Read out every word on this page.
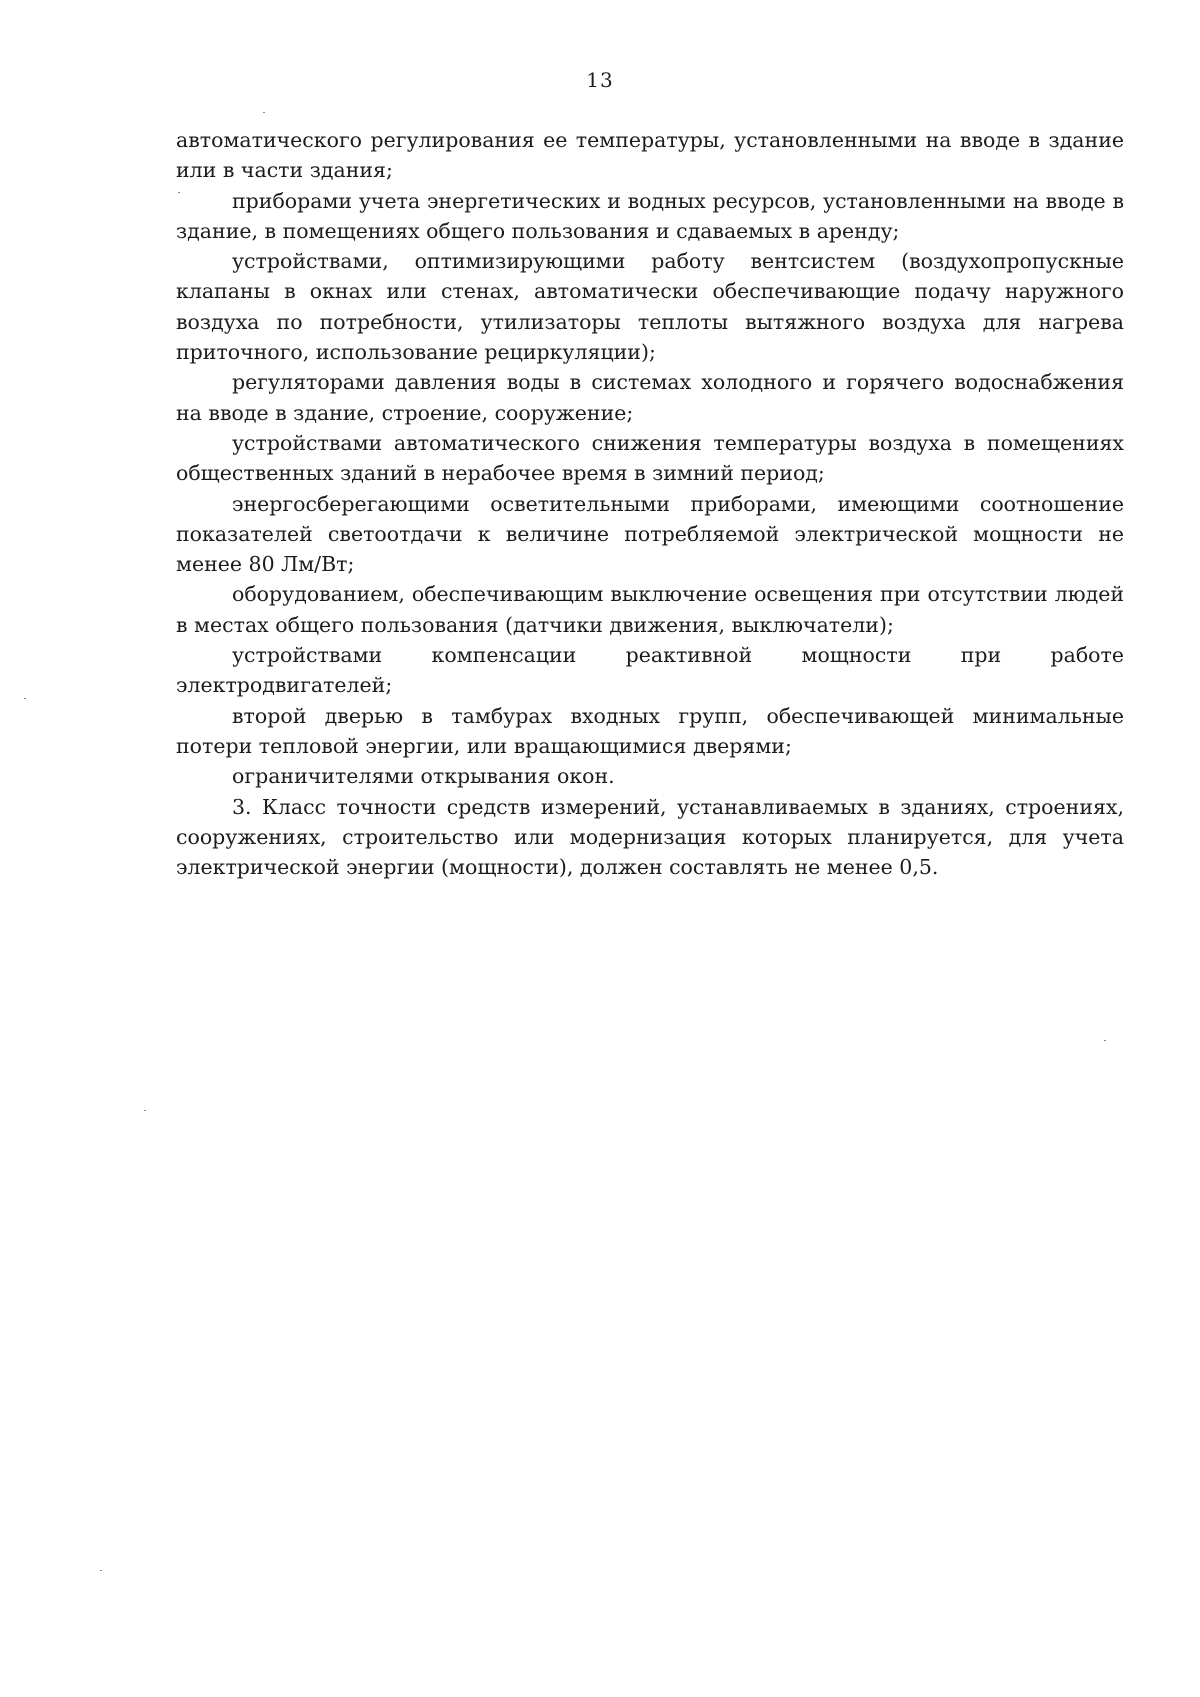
13

автоматического регулирования ее температуры, установленными на вводе в здание или в части здания;

приборами учета энергетических и водных ресурсов, установленными на вводе в здание, в помещениях общего пользования и сдаваемых в аренду;

устройствами, оптимизирующими работу вентсистем (воздухопропускные клапаны в окнах или стенах, автоматически обеспечивающие подачу наружного воздуха по потребности, утилизаторы теплоты вытяжного воздуха для нагрева приточного, использование рециркуляции);

регуляторами давления воды в системах холодного и горячего водоснабжения на вводе в здание, строение, сооружение;

устройствами автоматического снижения температуры воздуха в помещениях общественных зданий в нерабочее время в зимний период;

энергосберегающими осветительными приборами, имеющими соотношение показателей светоотдачи к величине потребляемой электрической мощности не менее 80 Лм/Вт;

оборудованием, обеспечивающим выключение освещения при отсутствии людей в местах общего пользования (датчики движения, выключатели);

устройствами компенсации реактивной мощности при работе

электродвигателей;

второй дверью в тамбурах входных групп, обеспечивающей минимальные потери тепловой энергии, или вращающимися дверями;

ограничителями открывания окон.

3. Класс точности средств измерений, устанавливаемых в зданиях, строениях, сооружениях, строительство или модернизация которых планируется, для учета электрической энергии (мощности), должен составлять не менее 0,5.
